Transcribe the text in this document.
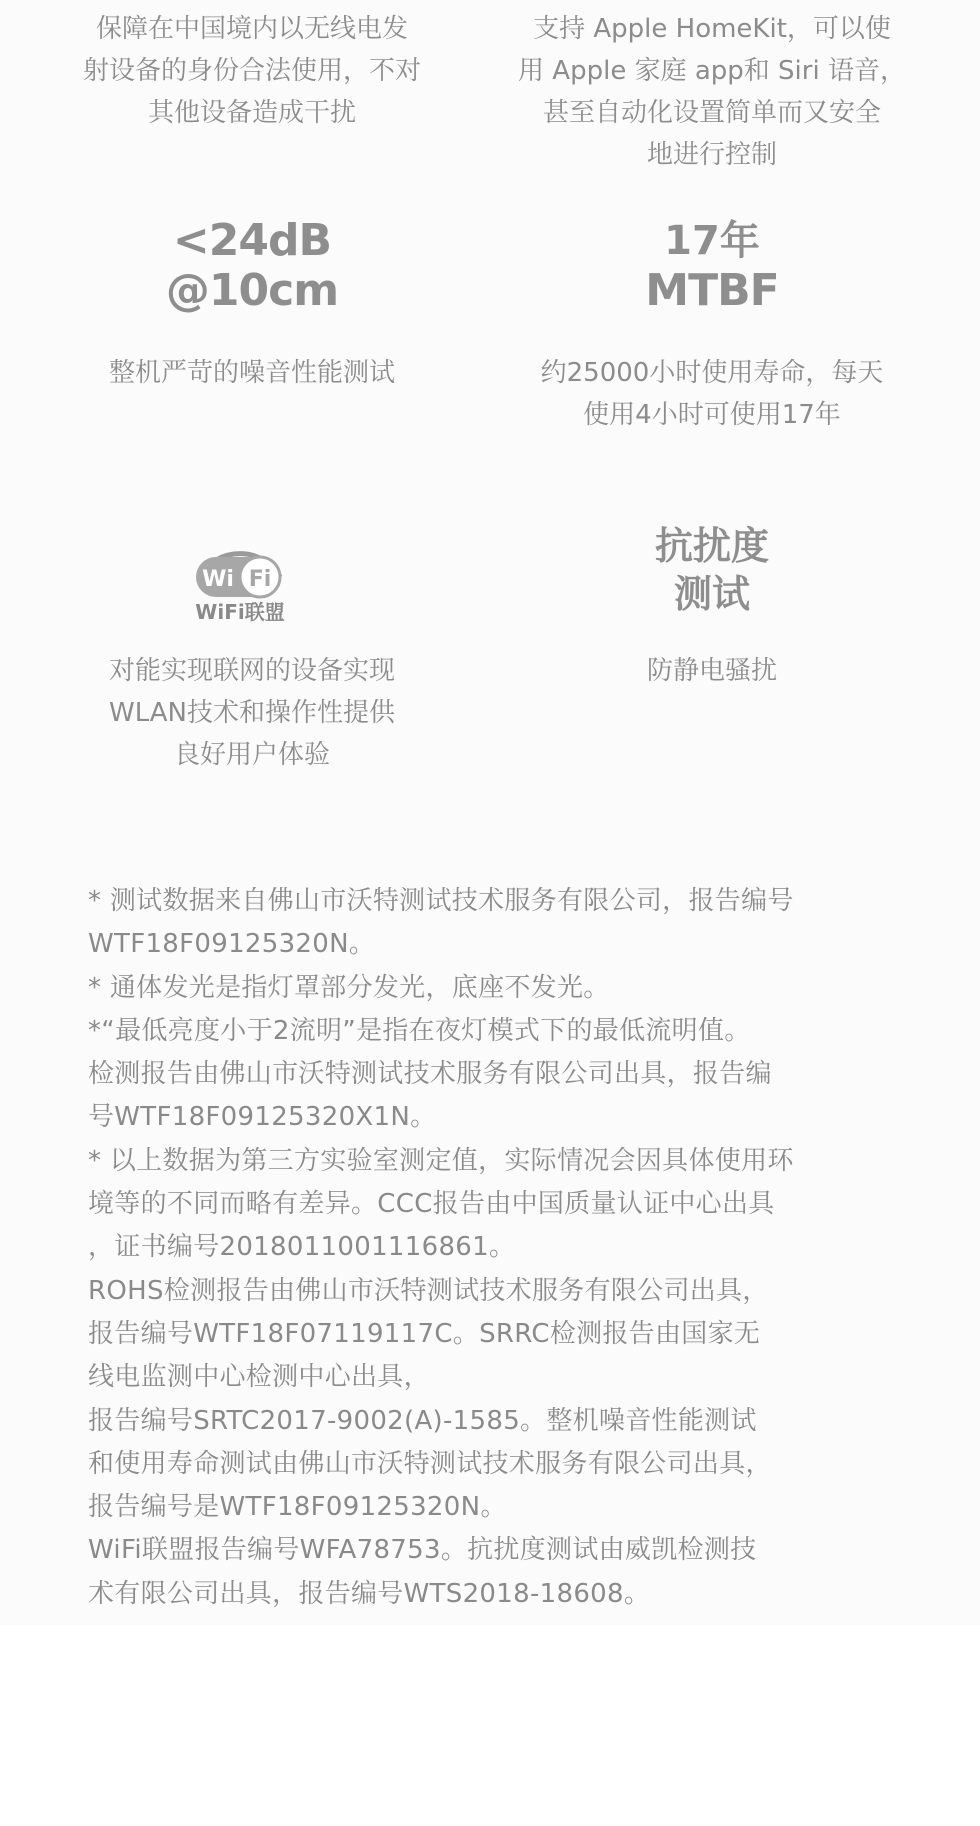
保障在中国境内以无线电发

射设备的身份合法使用，不对

其他设备造成干扰

支持 Apple HomeKit，可以使

用 Apple 家庭 app和 Siri 语音，

甚至自动化设置简单而又安全

地进行控制

<24dB

@10cm

整机严苛的噪音性能测试

17年

MTBF

约25000小时使用寿命，每天

使用4小时可使用17年

Wi Fi
WiFi联盟

对能实现联网的设备实现

WLAN技术和操作性提供

良好用户体验

抗扰度

测试

防静电骚扰

* 测试数据来自佛山市沃特测试技术服务有限公司，报告编号

WTF18F09125320N。

* 通体发光是指灯罩部分发光，底座不发光。

*“最低亮度小于2流明”是指在夜灯模式下的最低流明值。

检测报告由佛山市沃特测试技术服务有限公司出具，报告编

号WTF18F09125320X1N。

* 以上数据为第三方实验室测定值，实际情况会因具体使用环

境等的不同而略有差异。CCC报告由中国质量认证中心出具

，证书编号2018011001116861。

ROHS检测报告由佛山市沃特测试技术服务有限公司出具，

报告编号WTF18F07119117C。SRRC检测报告由国家无

线电监测中心检测中心出具，

报告编号SRTC2017-9002(A)-1585。整机噪音性能测试

和使用寿命测试由佛山市沃特测试技术服务有限公司出具，

报告编号是WTF18F09125320N。

WiFi联盟报告编号WFA78753。抗扰度测试由威凯检测技

术有限公司出具，报告编号WTS2018-18608。
